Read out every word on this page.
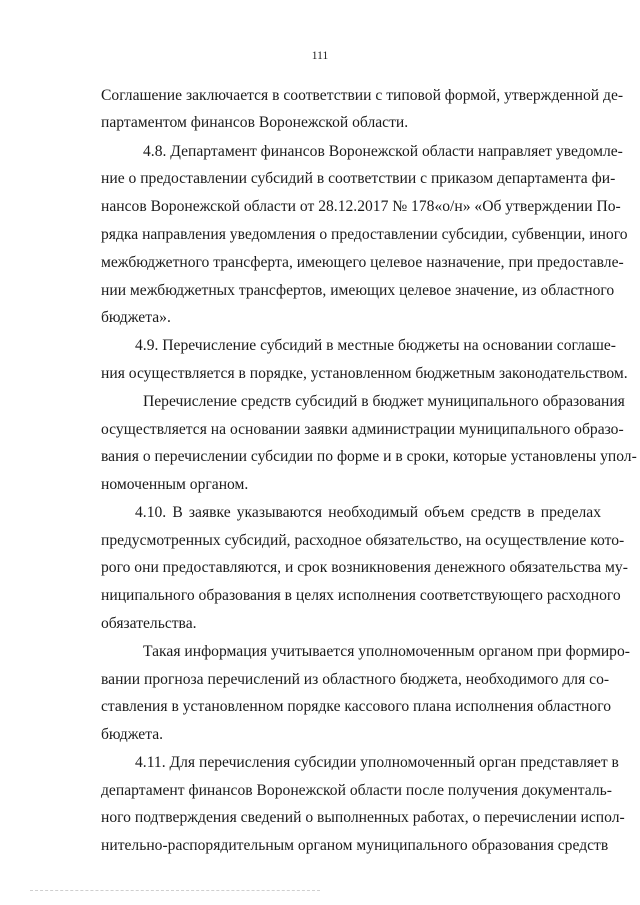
111
Соглашение заключается в соответствии с типовой формой, утвержденной де-
партаментом финансов Воронежской области.
4.8. Департамент финансов Воронежской области направляет уведомле-
ние о предоставлении субсидий в соответствии с приказом департамента фи-
нансов Воронежской области от 28.12.2017 № 178«о/н» «Об утверждении По-
рядка направления уведомления о предоставлении субсидии, субвенции, иного
межбюджетного трансферта, имеющего целевое назначение, при предоставле-
нии межбюджетных трансфертов, имеющих целевое значение, из областного
бюджета».
4.9. Перечисление субсидий в местные бюджеты на основании соглаше-
ния осуществляется в порядке, установленном бюджетным законодательством.
Перечисление средств субсидий в бюджет муниципального образования
осуществляется на основании заявки администрации муниципального образо-
вания о перечислении субсидии по форме и в сроки, которые установлены упол-
номоченным органом.
4.10. В заявке указываются необходимый объем средств в пределах
предусмотренных субсидий, расходное обязательство, на осуществление кото-
рого они предоставляются, и срок возникновения денежного обязательства му-
ниципального образования в целях исполнения соответствующего расходного
обязательства.
Такая информация учитывается уполномоченным органом при формиро-
вании прогноза перечислений из областного бюджета, необходимого для со-
ставления в установленном порядке кассового плана исполнения областного
бюджета.
4.11. Для перечисления субсидии уполномоченный орган представляет в
департамент финансов Воронежской области после получения документаль-
ного подтверждения сведений о выполненных работах, о перечислении испол-
нительно-распорядительным органом муниципального образования средств
